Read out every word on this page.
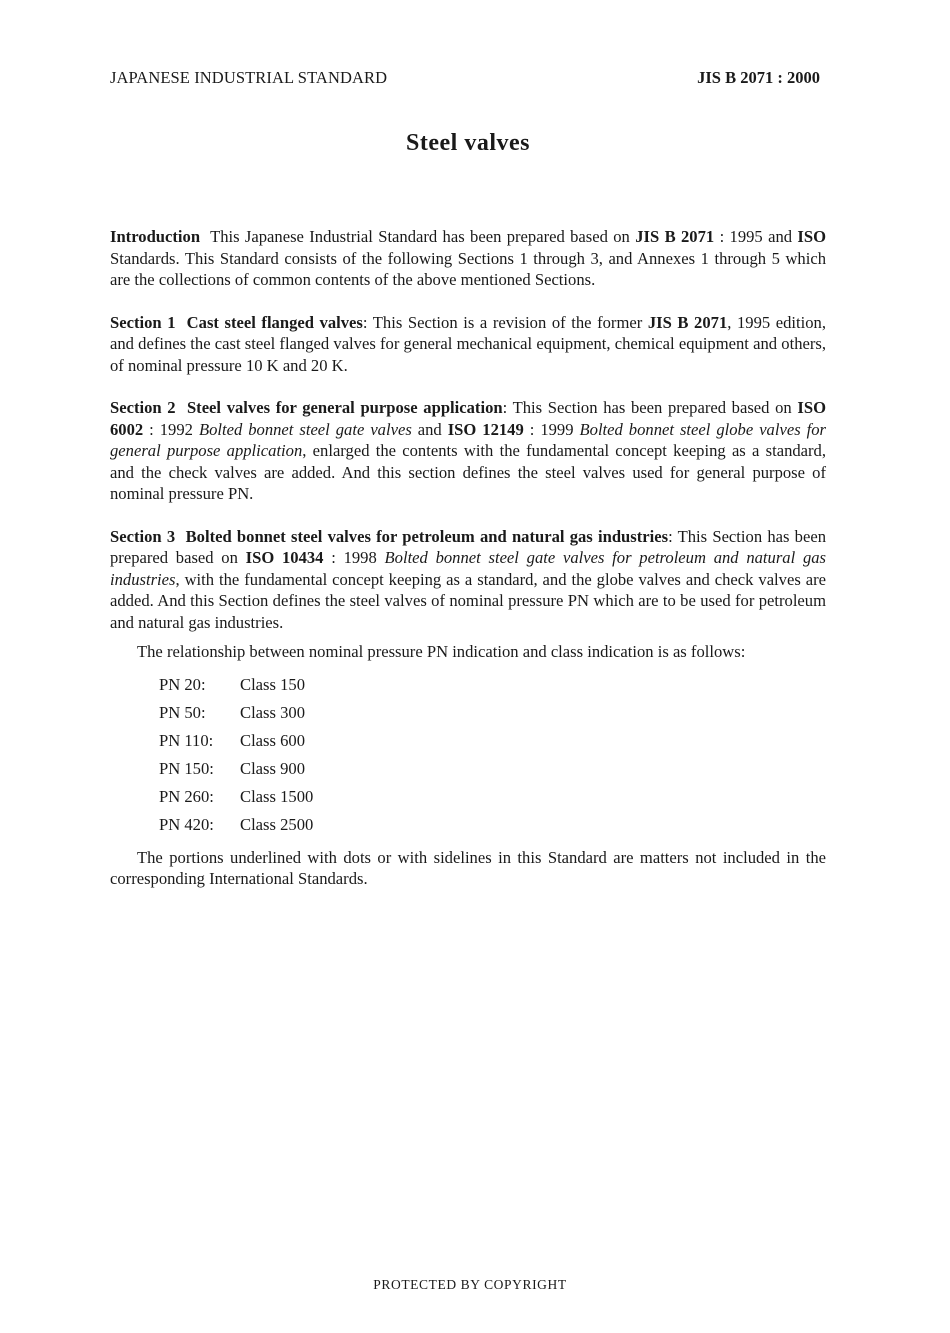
JAPANESE INDUSTRIAL STANDARD	JIS B 2071 : 2000
Steel valves

Introduction This Japanese Industrial Standard has been prepared based on JIS B 2071 : 1995 and ISO Standards. This Standard consists of the following Sections 1 through 3, and Annexes 1 through 5 which are the collections of common contents of the above mentioned Sections.

Section 1 Cast steel flanged valves: This Section is a revision of the former JIS B 2071, 1995 edition, and defines the cast steel flanged valves for general mechanical equipment, chemical equipment and others, of nominal pressure 10 K and 20 K.

Section 2 Steel valves for general purpose application: This Section has been prepared based on ISO 6002 : 1992 Bolted bonnet steel gate valves and ISO 12149 : 1999 Bolted bonnet steel globe valves for general purpose application, enlarged the contents with the fundamental concept keeping as a standard, and the check valves are added. And this section defines the steel valves used for general purpose of nominal pressure PN.

Section 3 Bolted bonnet steel valves for petroleum and natural gas industries: This Section has been prepared based on ISO 10434 : 1998 Bolted bonnet steel gate valves for petroleum and natural gas industries, with the fundamental concept keeping as a standard, and the globe valves and check valves are added. And this Section defines the steel valves of nominal pressure PN which are to be used for petroleum and natural gas industries.

The relationship between nominal pressure PN indication and class indication is as follows:

PN 20:	Class 150
PN 50:	Class 300
PN 110:	Class 600
PN 150:	Class 900
PN 260:	Class 1500
PN 420:	Class 2500

The portions underlined with dots or with sidelines in this Standard are matters not included in the corresponding International Standards.

PROTECTED BY COPYRIGHT
